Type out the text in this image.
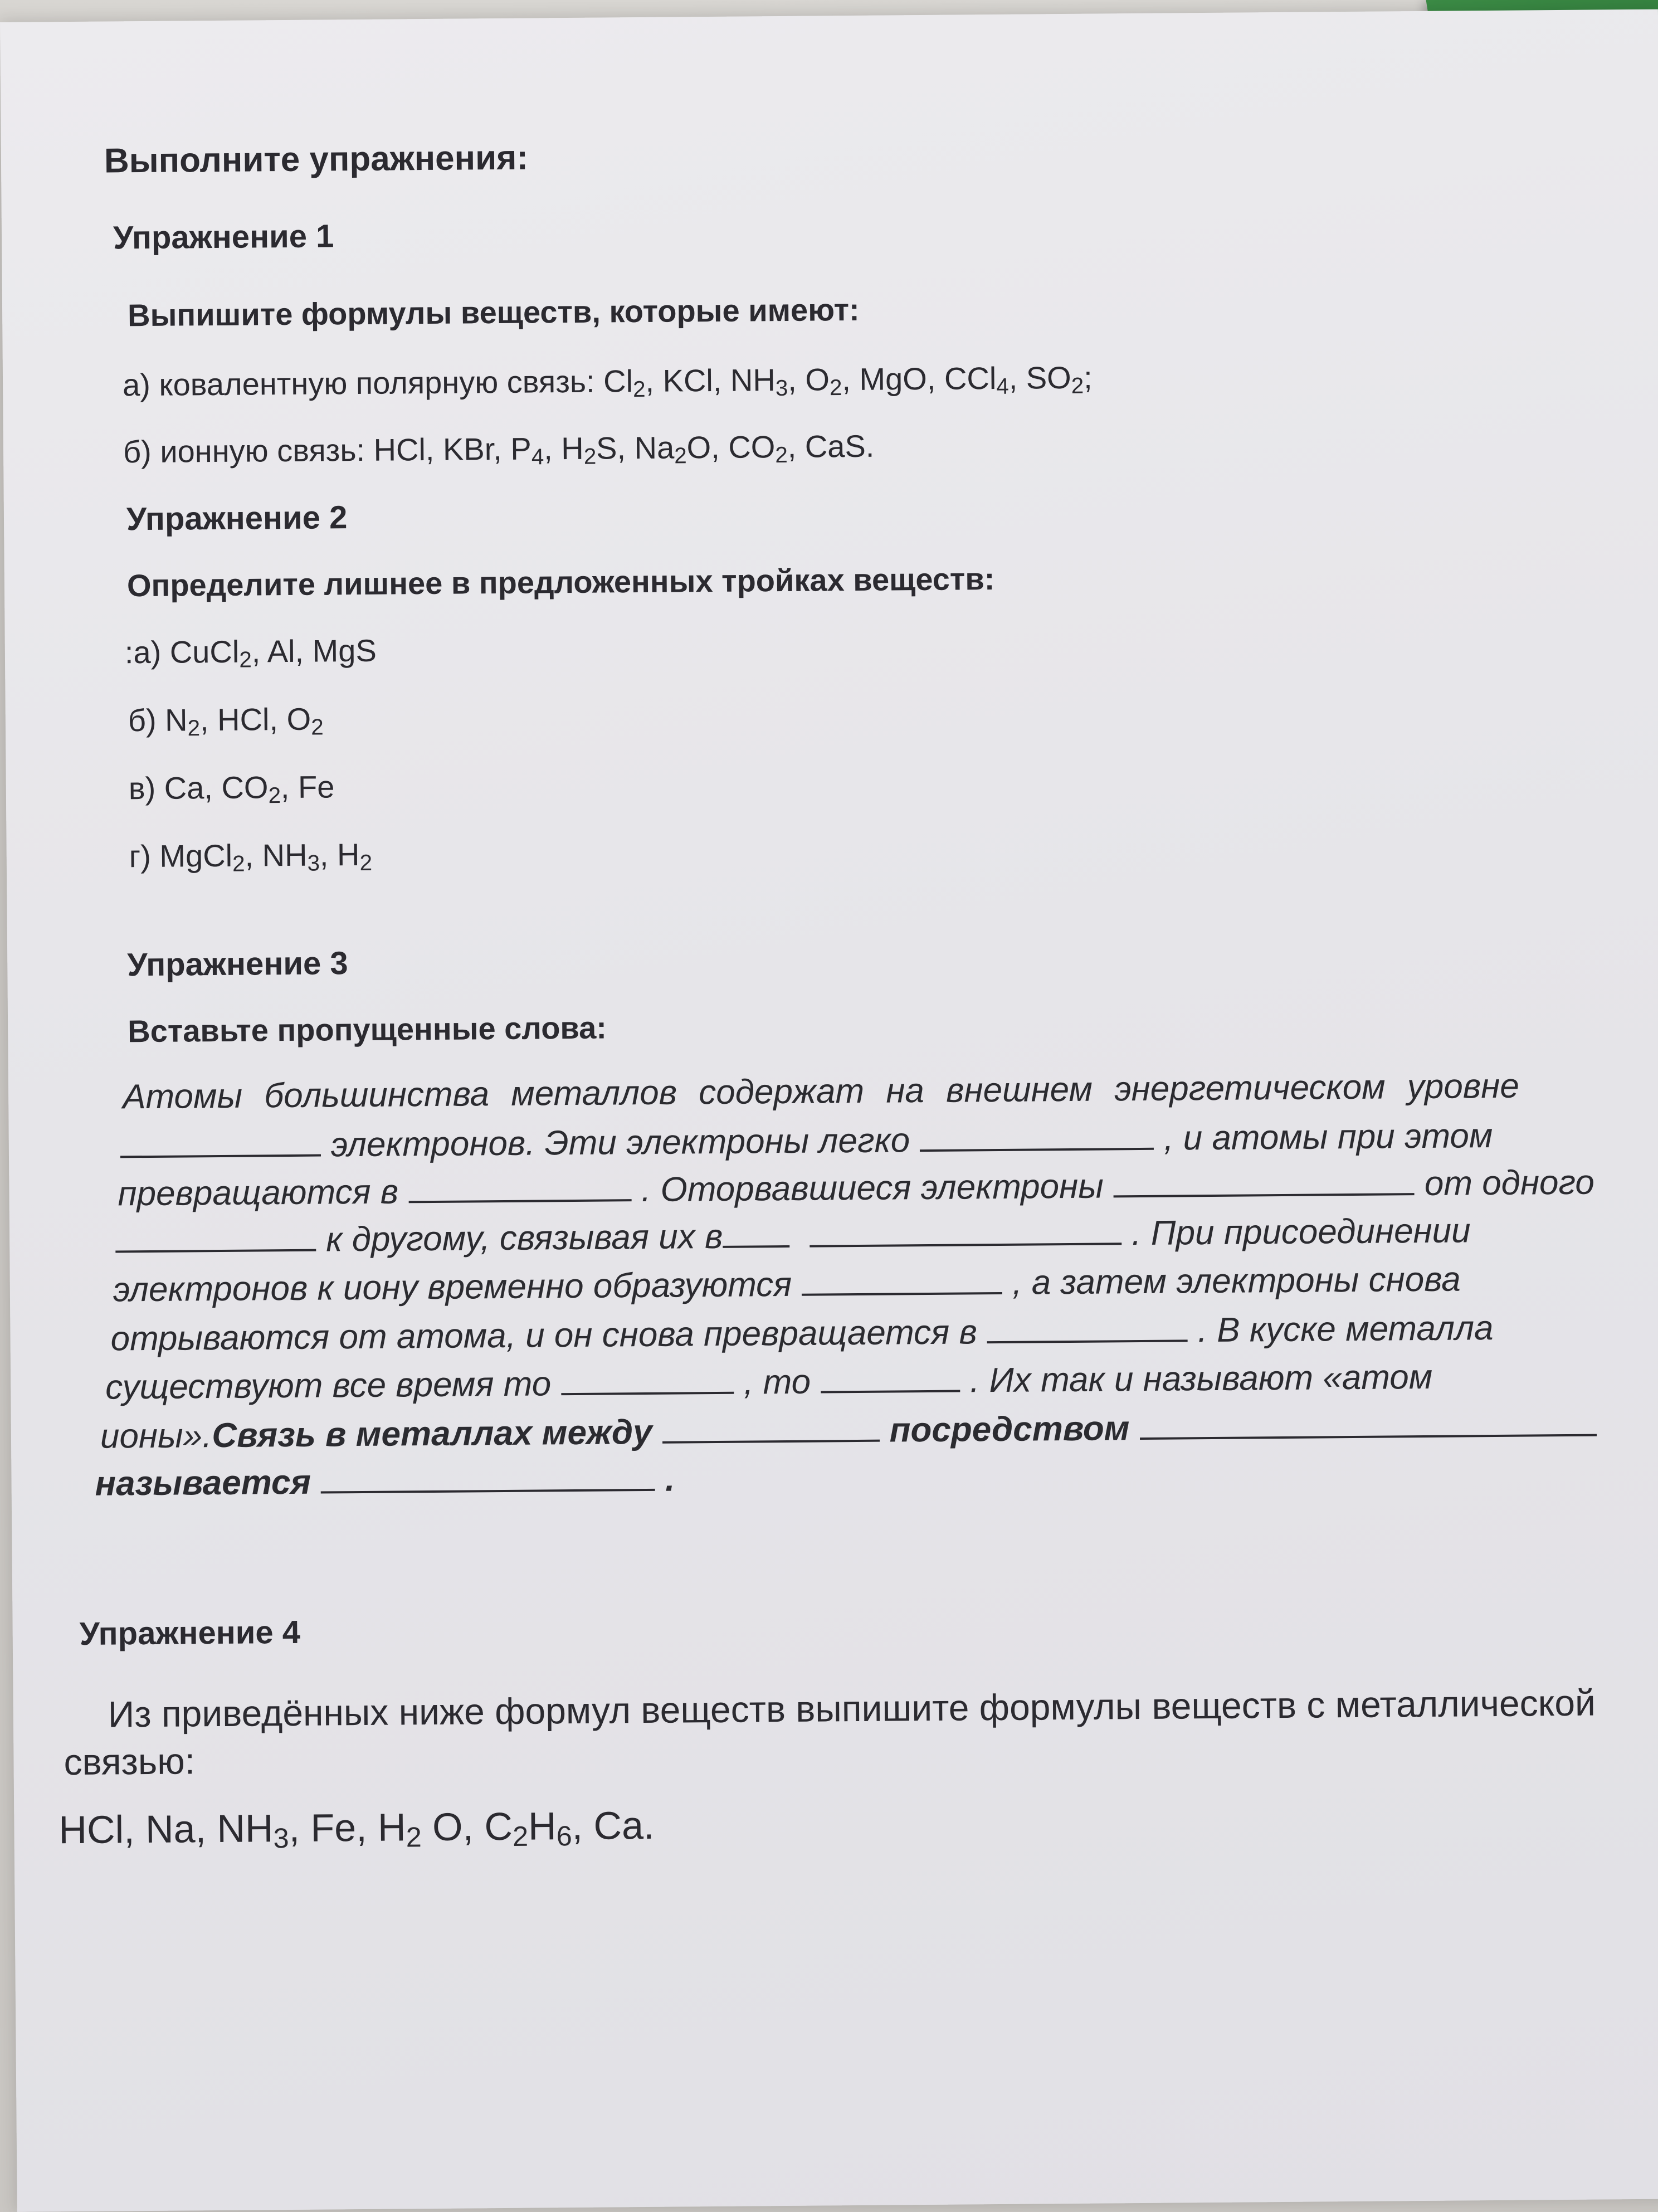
Выполните упражнения:
Упражнение 1
Выпишите формулы веществ, которые имеют:
а) ковалентную полярную связь: $Cl_2$, KCl, $NH_3$, $O_2$, MgO, CCl$_4$, $SO_2$;
б) ионную связь: HCl, KBr, $P_4$, $H_2S$, $Na_2O$, $CO_2$, CaS.
Упражнение 2
Определите лишнее в предложенных тройках веществ:
:а) CuCl$_2$, Al, MgS
б) $N_2$, HCl, $O_2$
в) Ca, $CO_2$, Fe
г) MgCl$_2$, $NH_3$, $H_2$
Упражнение 3
Вставьте пропущенные слова:
Атомы большинства металлов содержат на внешнем энергетическом уровне
электронов. Эти электроны легко	, и атомы при этом
превращаются в	. Оторвавшиеся электроны	от одного
к другому, связывая их в	. При присоединении
электронов к иону временно образуются	, а затем электроны снова
отрываются от атома, и он снова превращается в	. В куске металла
существуют все время то	, то	. Их так и называют «атом
ионы». Связь в металлах между	посредством
называется	.
Упражнение 4
Из приведённых ниже формул веществ выпишите формулы веществ с металлической
связью:
HCl, Na, $NH_3$, Fe, $H_2$ O, $C_2H_6$, Ca.
